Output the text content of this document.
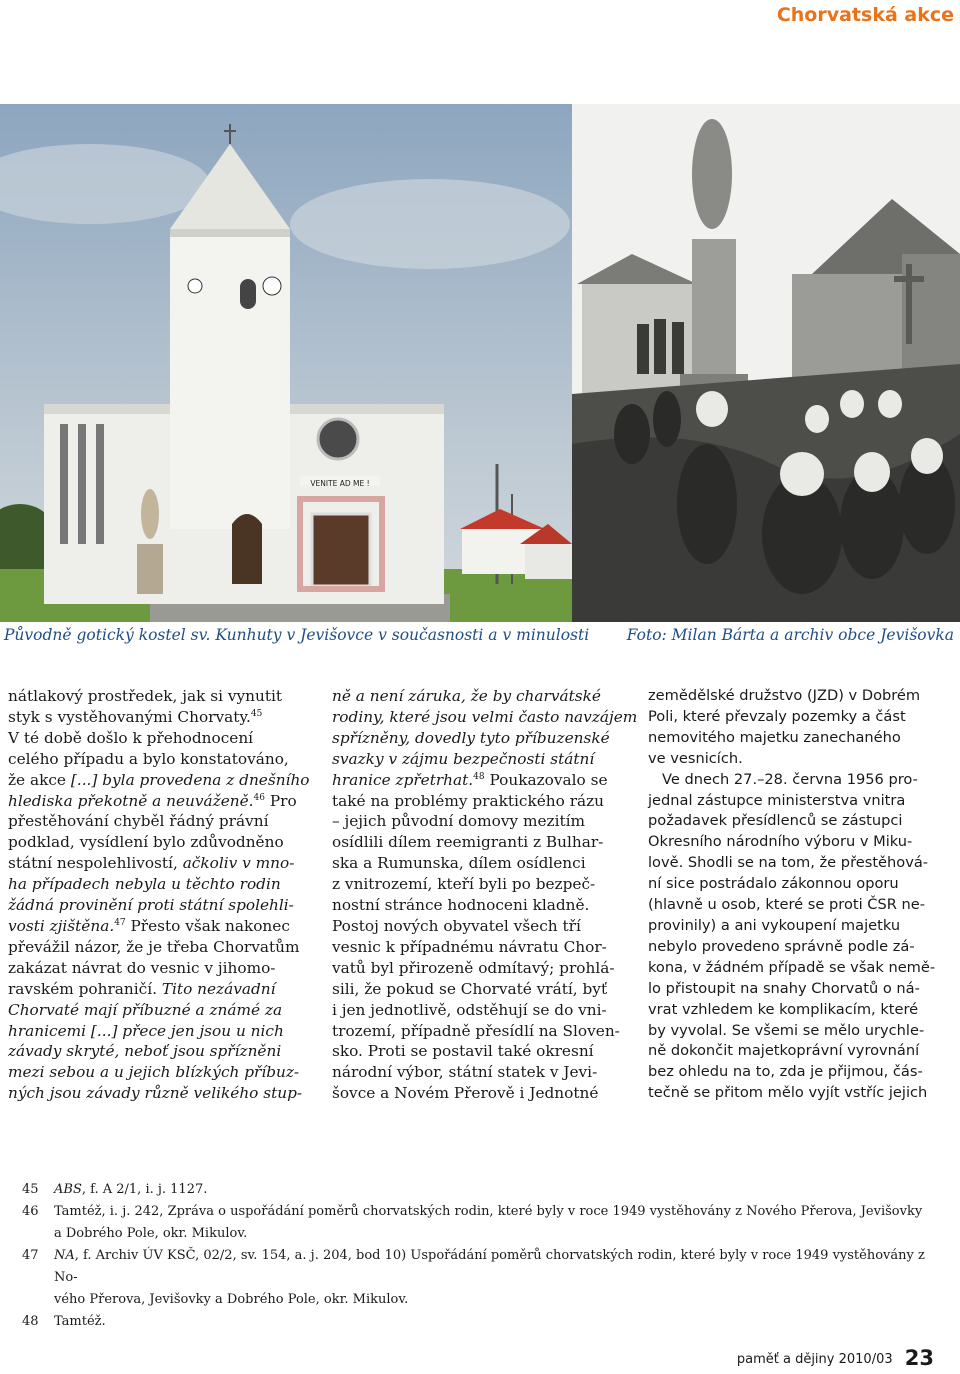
Chorvatská akce
VENITE AD ME !
Původně gotický kostel sv. Kunhuty v Jevišovce v současnosti a v minulosti Foto: Milan Bárta a archiv obce Jevišovka
nátlakový prostředek, jak si vynutit
styk s vystěhovanými Chorvaty.$^{45}$
V té době došlo k přehodnocení
celého případu a bylo konstatováno,
že akce [...] byla provedena z dnešního
hlediska překotně a neuváženě.$^{46}$ Pro
přestěhování chyběl řádný právní
podklad, vysídlení bylo zdůvodněno
státní nespolehlivostí, ačkoliv v mno-
ha případech nebyla u těchto rodin
žádná provinění proti státní spolehli-
vosti zjištěna.$^{47}$ Přesto však nakonec
převážil názor, že je třeba Chorvatům
zakázat návrat do vesnic v jihomo-
ravském pohraničí. Tito nezávadní
Chorvaté mají příbuzné a známé za
hranicemi [...] přece jen jsou u nich
závady skryté, neboť jsou spřízněni
mezi sebou a u jejich blízkých příbuz-
ných jsou závady různě velikého stup-
ně a není záruka, že by charvátské
rodiny, které jsou velmi často navzájem
spřízněny, dovedly tyto příbuzenské
svazky v zájmu bezpečnosti státní
hranice zpřetrhat.$^{48}$ Poukazovalo se
také na problémy praktického rázu
– jejich původní domovy mezitím
osídlili dílem reemigranti z Bulhar-
ska a Rumunska, dílem osídlenci
z vnitrozemí, kteří byli po bezpeč-
nostní stránce hodnoceni kladně.
Postoj nových obyvatel všech tří
vesnic k případnému návratu Chor-
vatů byl přirozeně odmítavý; prohlá-
sili, že pokud se Chorvaté vrátí, byť
i jen jednotlivě, odstěhují se do vni-
trozemí, případně přesídlí na Sloven-
sko. Proti se postavil také okresní
národní výbor, státní statek v Jevi-
šovce a Novém Přerově i Jednotné
zemědělské družstvo (JZD) v Dobrém
Poli, které převzaly pozemky a část
nemovitého majetku zanechaného
ve vesnicích.
Ve dnech 27.–28. června 1956 pro-
jednal zástupce ministerstva vnitra
požadavek přesídlenců se zástupci
Okresního národního výboru v Miku-
lově. Shodli se na tom, že přestěhová-
ní sice postrádalo zákonnou oporu
(hlavně u osob, které se proti ČSR ne-
provinily) a ani vykoupení majetku
nebylo provedeno správně podle zá-
kona, v žádném případě se však nemě-
lo přistoupit na snahy Chorvatů o ná-
vrat vzhledem ke komplikacím, které
by vyvolal. Se všemi se mělo urychle-
ně dokončit majetkoprávní vyrovnání
bez ohledu na to, zda je přijmou, čás-
tečně se přitom mělo vyjít vstříc jejich
45	ABS, f. A 2/1, i. j. 1127.
46	Tamtéž, i. j. 242, Zpráva o uspořádání poměrů chorvatských rodin, které byly v roce 1949 vystěhovány z Nového Přerova, Jevišovky
a Dobrého Pole, okr. Mikulov.
47	NA, f. Archiv ÚV KSČ, 02/2, sv. 154, a. j. 204, bod 10) Uspořádání poměrů chorvatských rodin, které byly v roce 1949 vystěhovány z No-
vého Přerova, Jevišovky a Dobrého Pole, okr. Mikulov.
48	Tamtéž.
paměť a dějiny 2010/03 23
